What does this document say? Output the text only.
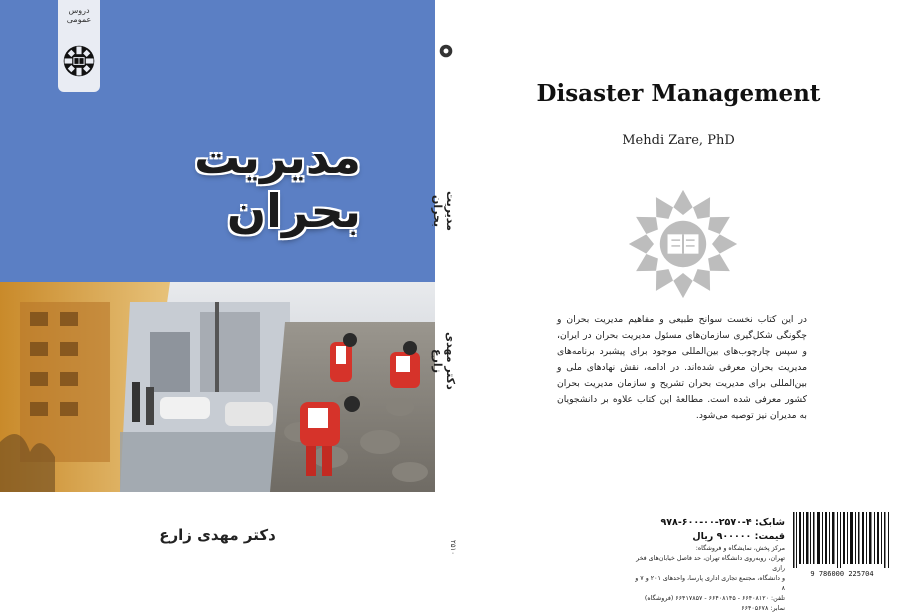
دروس عمومی
مدیریت بحران
دکتر مهدی زارع
مدیریت بحران
دکتر مهدی زارع
۲۵۱۰
Disaster Management
Mehdi Zare, PhD
در این کتاب نخست سوانح طبیعی و مفاهیم مدیریت بحران و چگونگی شکل‌گیری سازمان‌های مسئول مدیریت بحران در ایران، و سپس چارچوب‌های بین‌المللی موجود برای پیشبرد برنامه‌های مدیریت بحران معرفی شده‌اند. در ادامه، نقش نهادهای ملی و بین‌المللی برای مدیریت بحران تشریح و سازمان مدیریت بحران کشور معرفی شده است. مطالعهٔ این کتاب علاوه بر دانشجویان به مدیران نیز توصیه می‌شود.
شابک: ۴-۲۵۷۰-۰۰-۶۰۰-۹۷۸
قیمت: ۹۰۰۰۰۰ ریال
مرکز پخش، نمایشگاه و فروشگاه:
تهران، روبه‌روی دانشگاه تهران، حد فاصل خیابان‌های فخر رازی
و دانشگاه، مجتمع تجاری اداری پارسا، واحدهای ۲۰۱ و ۷ و ۸
تلفن: ۶۶۴۰۸۱۲۰ - ۶۶۴۰۸۱۴۵ - ۶۶۴۱۷۸۵۷ (فروشگاه) نمابر: ۶۶۴۰۵۶۷۸
9 786000 225704
